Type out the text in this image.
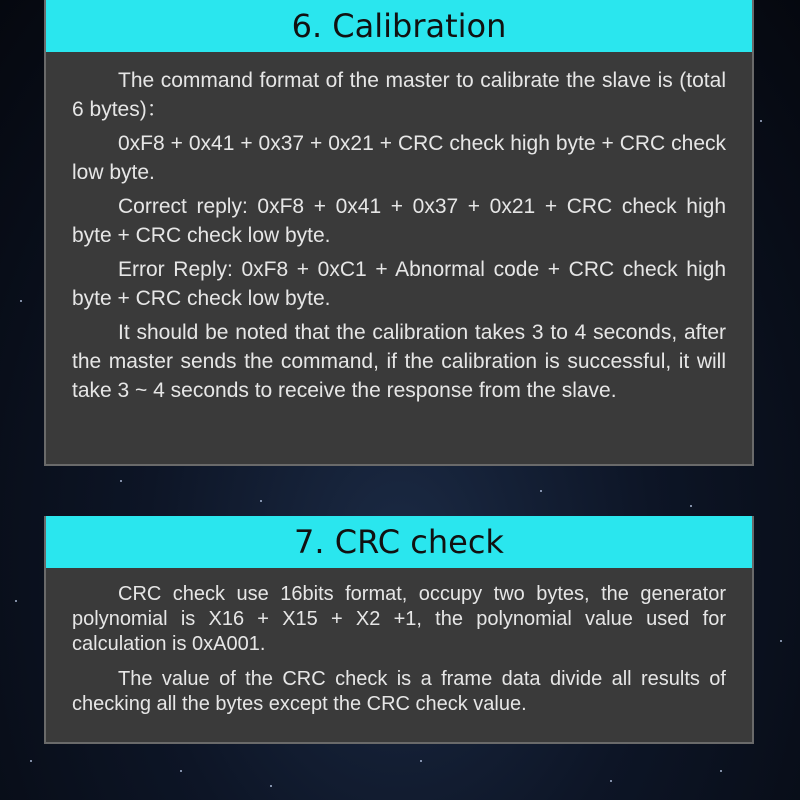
6. Calibration

The command format of the master to calibrate the slave is (total 6 bytes)：

0xF8 + 0x41 + 0x37 + 0x21 + CRC check high byte + CRC check low byte.

Correct reply: 0xF8 + 0x41 + 0x37 + 0x21 + CRC check high byte + CRC check low byte.

Error Reply: 0xF8 + 0xC1 + Abnormal code + CRC check high byte + CRC check low byte.

It should be noted that the calibration takes 3 to 4 seconds, after the master sends the command, if the calibration is successful, it will take 3 ~ 4 seconds to receive the response from the slave.

7. CRC check

CRC check use 16bits format, occupy two bytes, the generator polynomial is X16 + X15 + X2 +1, the polynomial value used for calculation is 0xA001.

The value of the CRC check is a frame data divide all results of checking all the bytes except the CRC check value.
